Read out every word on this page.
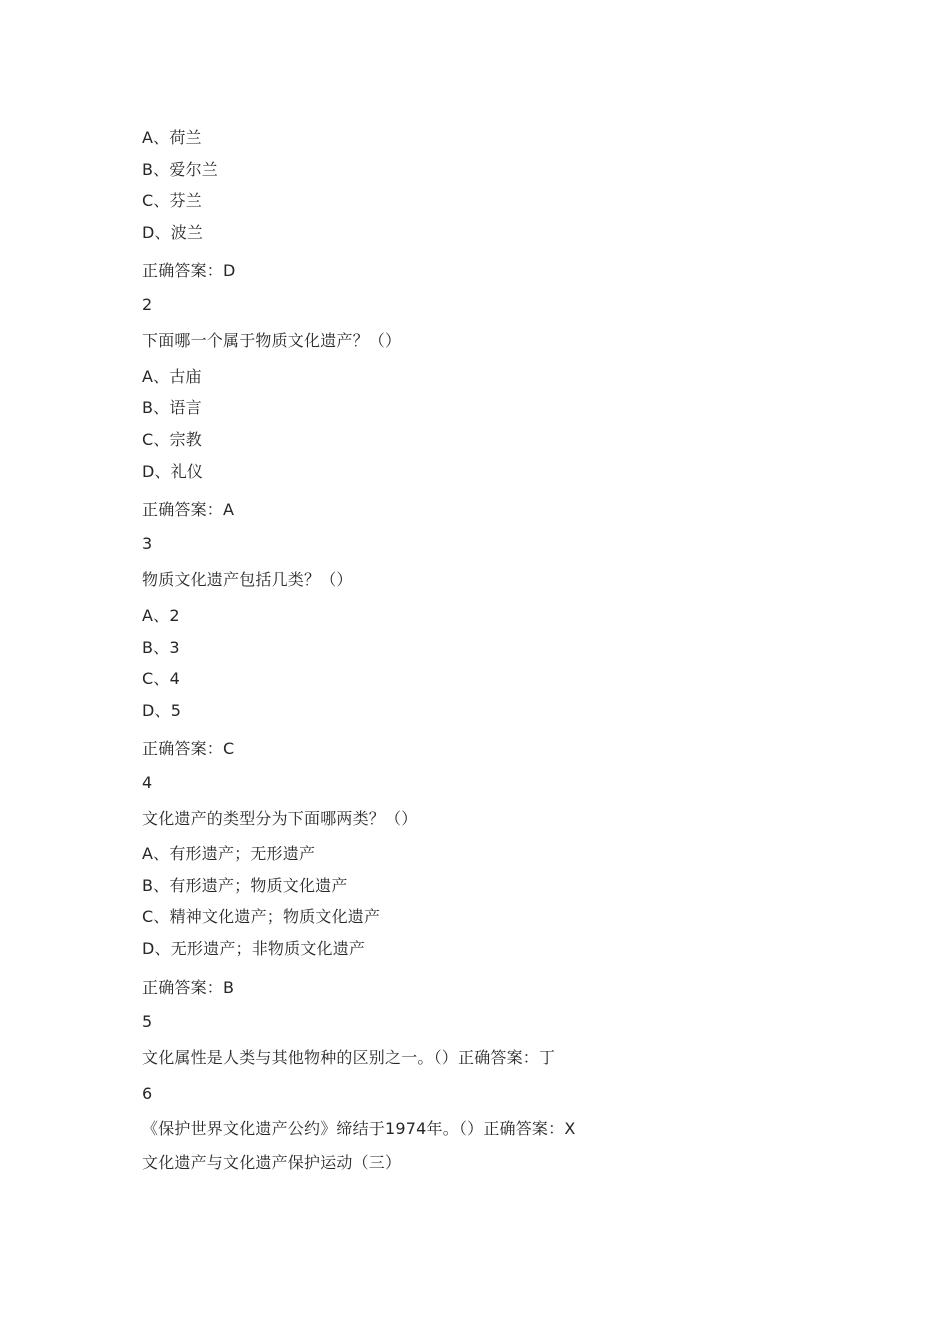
A、荷兰
B、爱尔兰
C、芬兰
D、波兰
正确答案：D
2
下面哪一个属于物质文化遗产？（）
A、古庙
B、语言
C、宗教
D、礼仪
正确答案：A
3
物质文化遗产包括几类？（）
A、2
B、3
C、4
D、5
正确答案：C
4
文化遗产的类型分为下面哪两类？（）
A、有形遗产；无形遗产
B、有形遗产；物质文化遗产
C、精神文化遗产；物质文化遗产
D、无形遗产；非物质文化遗产
正确答案：B
5
文化属性是人类与其他物种的区别之一。（）正确答案：丁
6
《保护世界文化遗产公约》缔结于1974年。（）正确答案：X
文化遗产与文化遗产保护运动（三）
